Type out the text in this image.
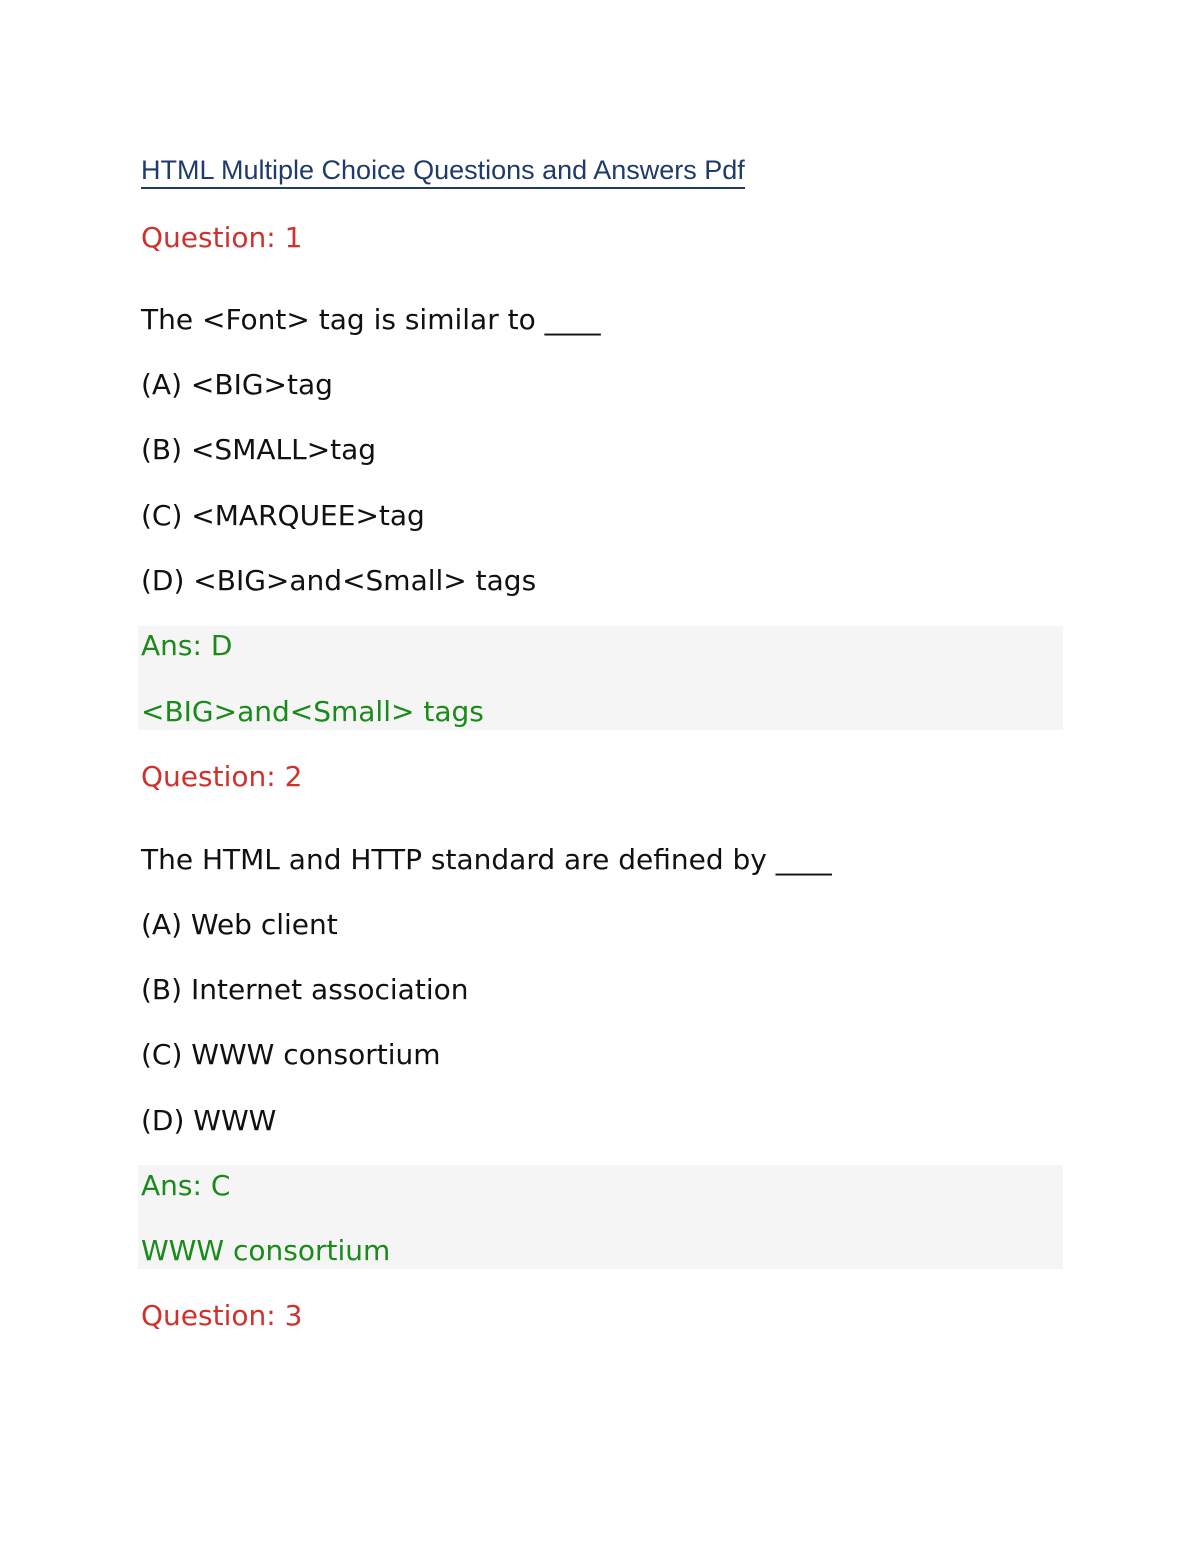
HTML Multiple Choice Questions and Answers Pdf
Question: 1
The <Font> tag is similar to ____
(A) <BIG>tag
(B) <SMALL>tag
(C) <MARQUEE>tag
(D) <BIG>and<Small> tags
Ans: D
<BIG>and<Small> tags
Question: 2
The HTML and HTTP standard are defined by ____
(A) Web client
(B) Internet association
(C) WWW consortium
(D) WWW
Ans: C
WWW consortium
Question: 3
